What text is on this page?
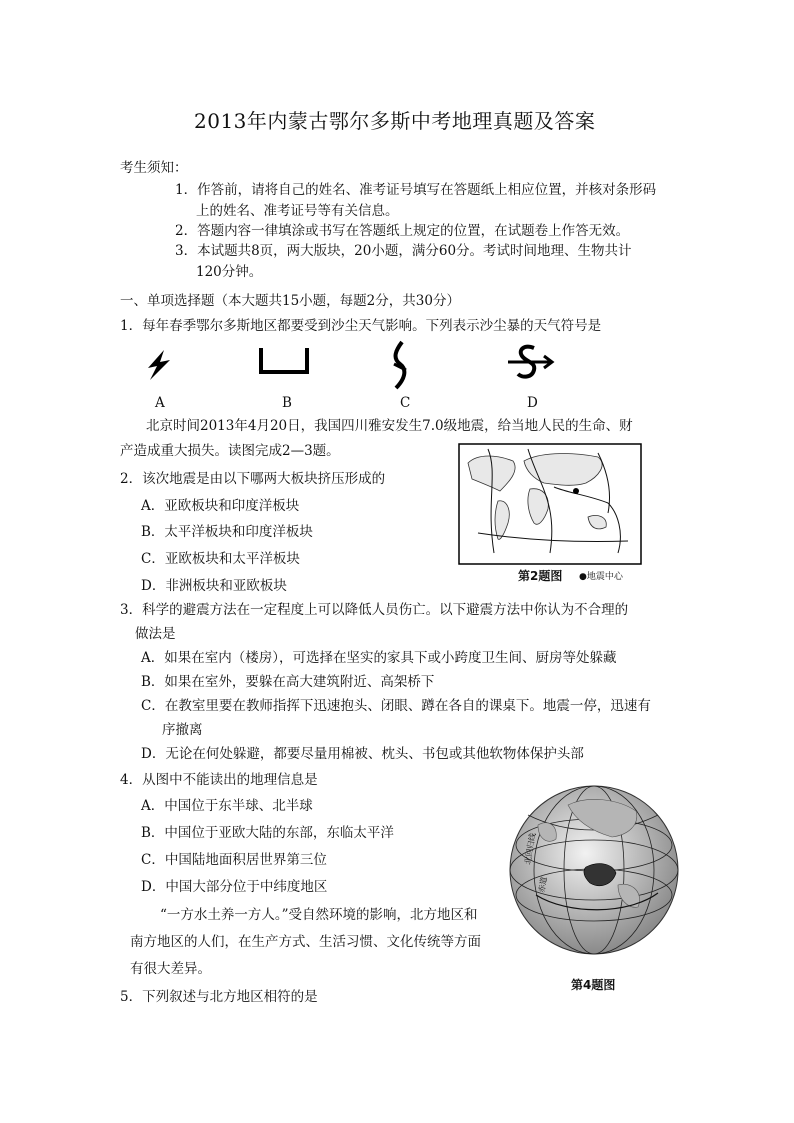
2013年内蒙古鄂尔多斯中考地理真题及答案
考生须知：
1．作答前，请将自己的姓名、准考证号填写在答题纸上相应位置，并核对条形码
上的姓名、准考证号等有关信息。
2．答题内容一律填涂或书写在答题纸上规定的位置，在试题卷上作答无效。
3．本试题共8页，两大版块，20小题，满分60分。考试时间地理、生物共计
120分钟。
一、单项选择题（本大题共15小题，每题2分，共30分）
1．每年春季鄂尔多斯地区都要受到沙尘天气影响。下列表示沙尘暴的天气符号是
A	B	C	D
北京时间2013年4月20日，我国四川雅安发生7.0级地震，给当地人民的生命、财
产造成重大损失。读图完成2—3题。
2．该次地震是由以下哪两大板块挤压形成的
A．亚欧板块和印度洋板块
B．太平洋板块和印度洋板块
C．亚欧板块和太平洋板块
D．非洲板块和亚欧板块
第2题图 ●地震中心
3．科学的避震方法在一定程度上可以降低人员伤亡。以下避震方法中你认为不合理的
做法是
A．如果在室内（楼房），可选择在坚实的家具下或小跨度卫生间、厨房等处躲藏
B．如果在室外，要躲在高大建筑附近、高架桥下
C．在教室里要在教师指挥下迅速抱头、闭眼、蹲在各自的课桌下。地震一停，迅速有
序撤离
D．无论在何处躲避，都要尽量用棉被、枕头、书包或其他软物体保护头部
4．从图中不能读出的地理信息是
A．中国位于东半球、北半球
B．中国位于亚欧大陆的东部，东临太平洋
C．中国陆地面积居世界第三位
D．中国大部分位于中纬度地区
北回归线
赤道
“一方水土养一方人。”受自然环境的影响，北方地区和
南方地区的人们，在生产方式、生活习惯、文化传统等方面
有很大差异。
第4题图
5．下列叙述与北方地区相符的是
